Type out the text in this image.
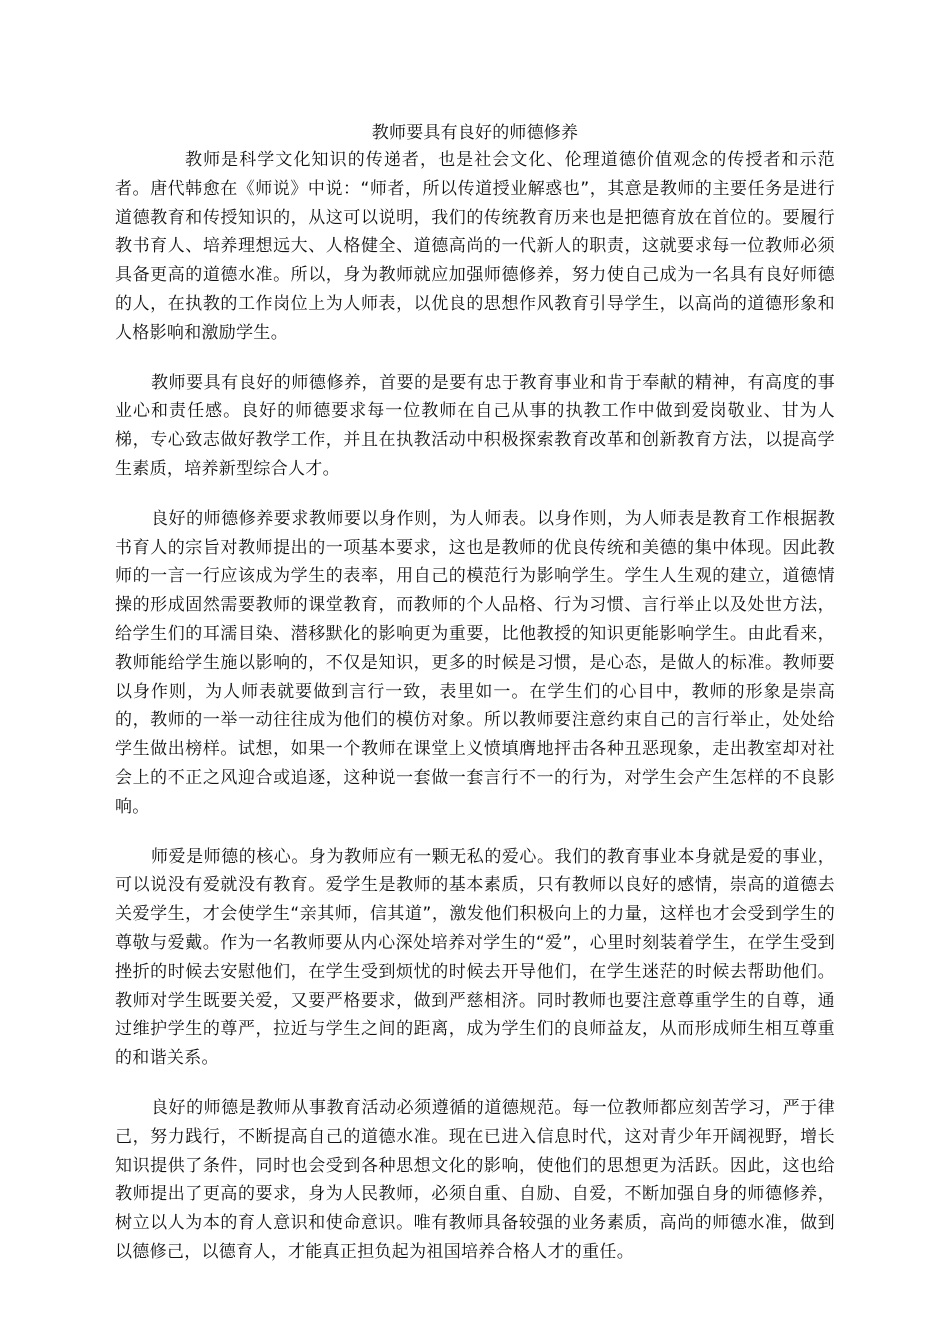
教师要具有良好的师德修养

教师是科学文化知识的传递者，也是社会文化、伦理道德价值观念的传授者和示范者。唐代韩愈在《师说》中说：“师者，所以传道授业解惑也”，其意是教师的主要任务是进行道德教育和传授知识的，从这可以说明，我们的传统教育历来也是把德育放在首位的。要履行教书育人、培养理想远大、人格健全、道德高尚的一代新人的职责，这就要求每一位教师必须具备更高的道德水准。所以，身为教师就应加强师德修养，努力使自己成为一名具有良好师德的人，在执教的工作岗位上为人师表，以优良的思想作风教育引导学生，以高尚的道德形象和人格影响和激励学生。

教师要具有良好的师德修养，首要的是要有忠于教育事业和肯于奉献的精神，有高度的事业心和责任感。良好的师德要求每一位教师在自己从事的执教工作中做到爱岗敬业、甘为人梯，专心致志做好教学工作，并且在执教活动中积极探索教育改革和创新教育方法，以提高学生素质，培养新型综合人才。

良好的师德修养要求教师要以身作则，为人师表。以身作则，为人师表是教育工作根据教书育人的宗旨对教师提出的一项基本要求，这也是教师的优良传统和美德的集中体现。因此教师的一言一行应该成为学生的表率，用自己的模范行为影响学生。学生人生观的建立，道德情操的形成固然需要教师的课堂教育，而教师的个人品格、行为习惯、言行举止以及处世方法，给学生们的耳濡目染、潜移默化的影响更为重要，比他教授的知识更能影响学生。由此看来，教师能给学生施以影响的，不仅是知识，更多的时候是习惯，是心态，是做人的标准。教师要以身作则，为人师表就要做到言行一致，表里如一。在学生们的心目中，教师的形象是崇高的，教师的一举一动往往成为他们的模仿对象。所以教师要注意约束自己的言行举止，处处给学生做出榜样。试想，如果一个教师在课堂上义愤填膺地抨击各种丑恶现象，走出教室却对社会上的不正之风迎合或追逐，这种说一套做一套言行不一的行为，对学生会产生怎样的不良影响。

师爱是师德的核心。身为教师应有一颗无私的爱心。我们的教育事业本身就是爱的事业，可以说没有爱就没有教育。爱学生是教师的基本素质，只有教师以良好的感情，崇高的道德去关爱学生，才会使学生“亲其师，信其道”，激发他们积极向上的力量，这样也才会受到学生的尊敬与爱戴。作为一名教师要从内心深处培养对学生的“爱”，心里时刻装着学生，在学生受到挫折的时候去安慰他们，在学生受到烦忧的时候去开导他们，在学生迷茫的时候去帮助他们。教师对学生既要关爱，又要严格要求，做到严慈相济。同时教师也要注意尊重学生的自尊，通过维护学生的尊严，拉近与学生之间的距离，成为学生们的良师益友，从而形成师生相互尊重的和谐关系。

良好的师德是教师从事教育活动必须遵循的道德规范。每一位教师都应刻苦学习，严于律己，努力践行，不断提高自己的道德水准。现在已进入信息时代，这对青少年开阔视野，增长知识提供了条件，同时也会受到各种思想文化的影响，使他们的思想更为活跃。因此，这也给教师提出了更高的要求，身为人民教师，必须自重、自励、自爱，不断加强自身的师德修养，树立以人为本的育人意识和使命意识。唯有教师具备较强的业务素质，高尚的师德水准，做到以德修己，以德育人，才能真正担负起为祖国培养合格人才的重任。
